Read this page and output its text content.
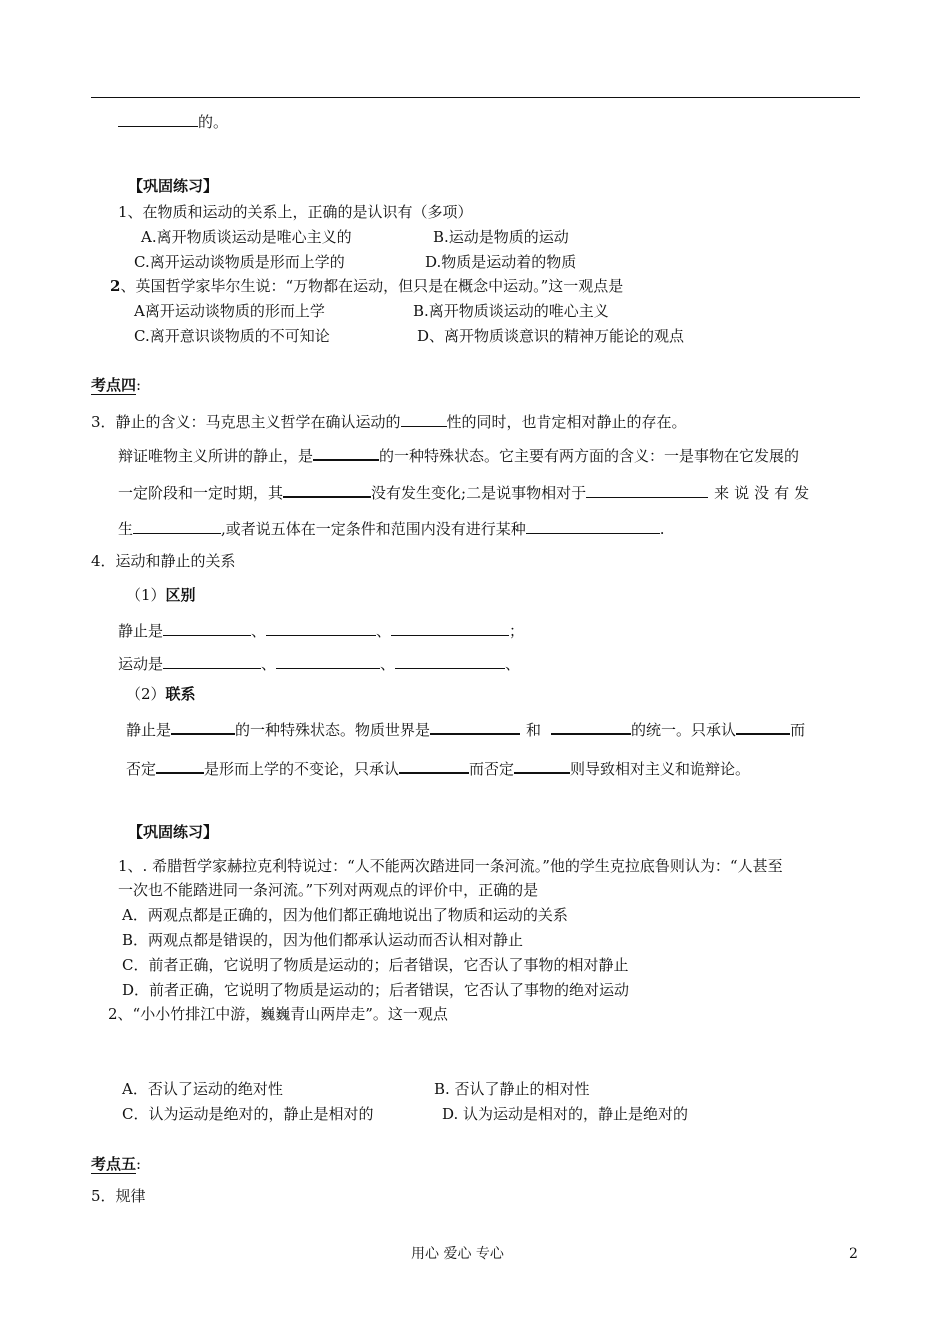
的。
【巩固练习】
1、在物质和运动的关系上，正确的是认识有（多项）
A.离开物质谈运动是唯心主义的	B.运动是物质的运动
C.离开运动谈物质是形而上学的	D.物质是运动着的物质
2、英国哲学家毕尔生说：“万物都在运动，但只是在概念中运动。”这一观点是
A离开运动谈物质的形而上学	B.离开物质谈运动的唯心主义
C.离开意识谈物质的不可知论	D、离开物质谈意识的精神万能论的观点
考点四:
3．静止的含义：马克思主义哲学在确认运动的	性的同时，也肯定相对静止的存在。
辩证唯物主义所讲的静止，是	的一种特殊状态。它主要有两方面的含义：一是事物在它发展的
一定阶段和一定时期，其	没有发生变化;二是说事物相对于	来说没有发
生	,或者说五体在一定条件和范围内没有进行某种	.
4．运动和静止的关系
（1）区别
静止是	、	、	；
运动是	、	、	、
（2）联系
静止是	的一种特殊状态。物质世界是	和	的统一。只承认	而
否定	是形而上学的不变论，只承认	而否定	则导致相对主义和诡辩论。
【巩固练习】
1、. 希腊哲学家赫拉克利特说过：“人不能两次踏进同一条河流。”他的学生克拉底鲁则认为：“人甚至
一次也不能踏进同一条河流。”下列对两观点的评价中，正确的是
A．两观点都是正确的，因为他们都正确地说出了物质和运动的关系
B．两观点都是错误的，因为他们都承认运动而否认相对静止
C．前者正确，它说明了物质是运动的；后者错误，它否认了事物的相对静止
D．前者正确，它说明了物质是运动的；后者错误，它否认了事物的绝对运动
2、“小小竹排江中游，巍巍青山两岸走”。这一观点
A．否认了运动的绝对性	B. 否认了静止的相对性
C．认为运动是绝对的，静止是相对的	D. 认为运动是相对的，静止是绝对的
考点五:
5．规律
用心 爱心 专心	2
